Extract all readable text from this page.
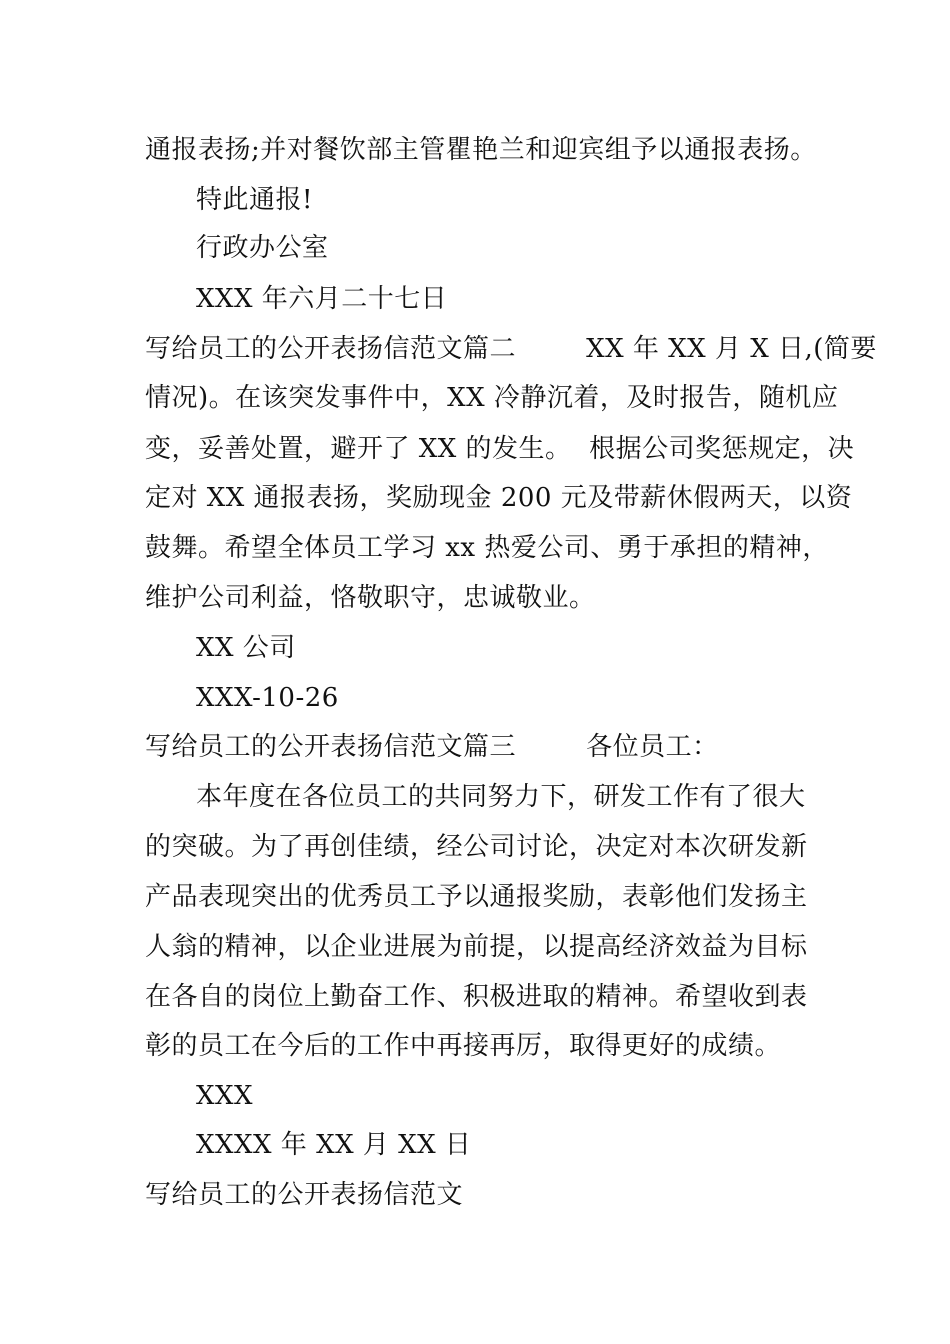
通报表扬;并对餐饮部主管瞿艳兰和迎宾组予以通报表扬。
特此通报!
行政办公室
XXX 年六月二十七日
写给员工的公开表扬信范文篇二        XX 年 XX 月 X 日,(简要
情况)。在该突发事件中，XX 冷静沉着，及时报告，随机应
变，妥善处置，避开了 XX 的发生。  根据公司奖惩规定，决
定对 XX 通报表扬，奖励现金 200 元及带薪休假两天，以资
鼓舞。希望全体员工学习 xx 热爱公司、勇于承担的精神，
维护公司利益，恪敬职守，忠诚敬业。
XX 公司
XXX-10-26
写给员工的公开表扬信范文篇三        各位员工：
本年度在各位员工的共同努力下，研发工作有了很大
的突破。为了再创佳绩，经公司讨论，决定对本次研发新
产品表现突出的优秀员工予以通报奖励，表彰他们发扬主
人翁的精神，以企业进展为前提，以提高经济效益为目标
在各自的岗位上勤奋工作、积极进取的精神。希望收到表
彰的员工在今后的工作中再接再厉，取得更好的成绩。
XXX
XXXX 年 XX 月 XX 日
写给员工的公开表扬信范文
